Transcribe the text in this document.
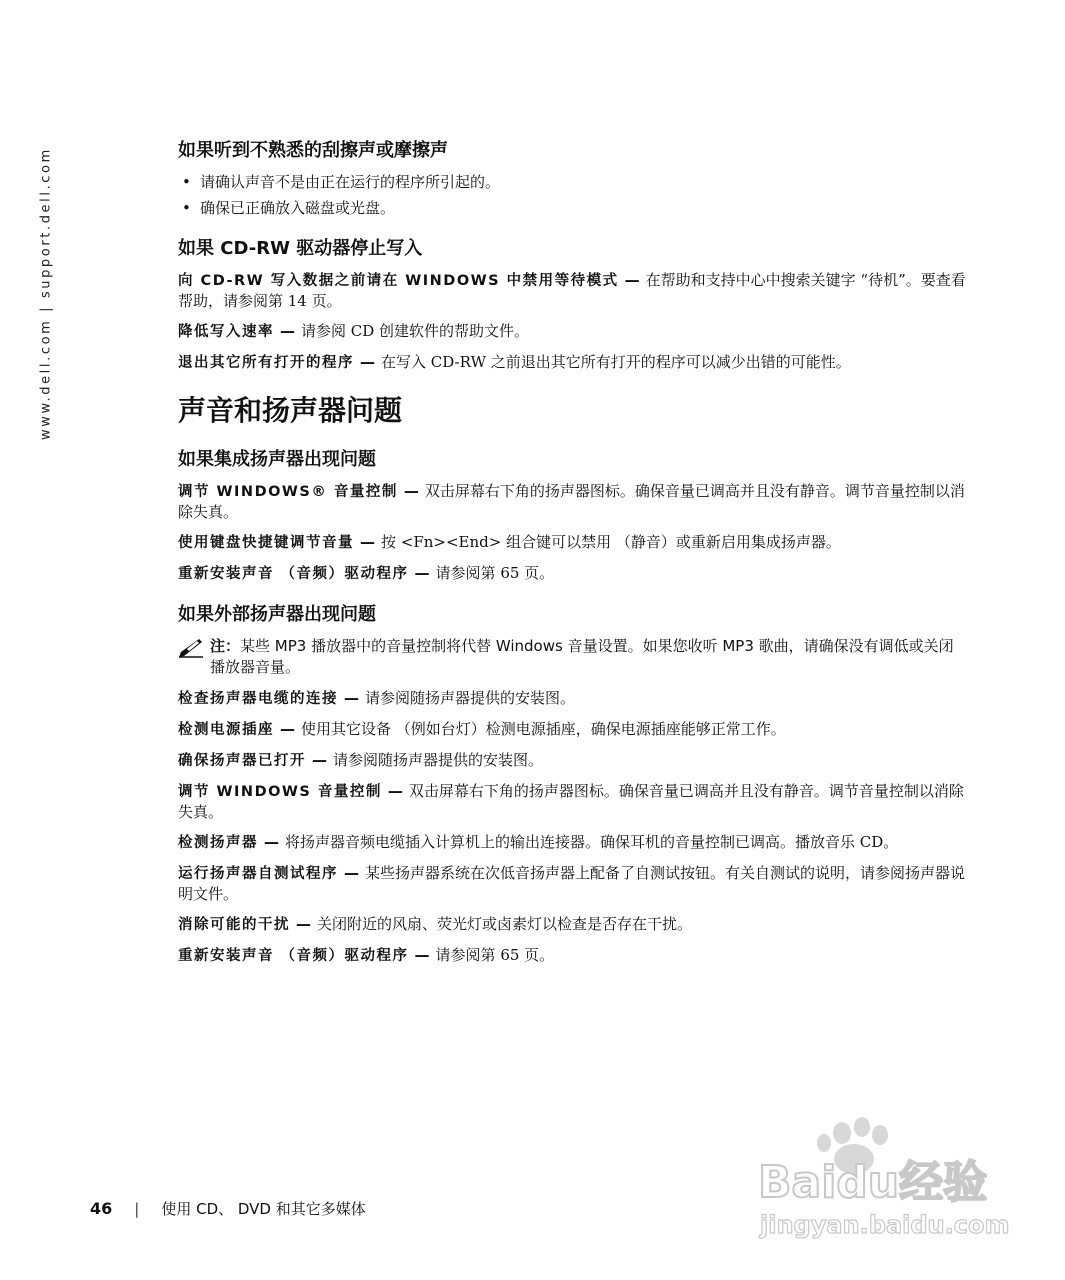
www.dell.com | support.dell.com	如果听到不熟悉的刮擦声或摩擦声
• 请确认声音不是由正在运行的程序所引起的。
• 确保已正确放入磁盘或光盘。
如果 CD-RW 驱动器停止写入

向 CD-RW 写入数据之前请在 WINDOWS 中禁用等待模式 — 在帮助和支持中心中搜索关键字 “待机”。要查看帮助，请参阅第 14 页。

降低写入速率 — 请参阅 CD 创建软件的帮助文件。

退出其它所有打开的程序 — 在写入 CD-RW 之前退出其它所有打开的程序可以减少出错的可能性。

声音和扬声器问题
如果集成扬声器出现问题

调节 WINDOWS® 音量控制 — 双击屏幕右下角的扬声器图标。确保音量已调高并且没有静音。调节音量控制以消除失真。

使用键盘快捷键调节音量 — 按 <Fn><End> 组合键可以禁用 （静音）或重新启用集成扬声器。

重新安装声音 （音频）驱动程序 — 请参阅第 65 页。

如果外部扬声器出现问题
注：某些 MP3 播放器中的音量控制将代替 Windows 音量设置。如果您收听 MP3 歌曲，请确保没有调低或关闭播放器音量。

检查扬声器电缆的连接 — 请参阅随扬声器提供的安装图。

检测电源插座 — 使用其它设备 （例如台灯）检测电源插座，确保电源插座能够正常工作。

确保扬声器已打开 — 请参阅随扬声器提供的安装图。

调节 WINDOWS 音量控制 — 双击屏幕右下角的扬声器图标。确保音量已调高并且没有静音。调节音量控制以消除失真。

检测扬声器 — 将扬声器音频电缆插入计算机上的输出连接器。确保耳机的音量控制已调高。播放音乐 CD。

运行扬声器自测试程序 — 某些扬声器系统在次低音扬声器上配备了自测试按钮。有关自测试的说明，请参阅扬声器说明文件。

消除可能的干扰 — 关闭附近的风扇、荧光灯或卤素灯以检查是否存在干扰。

重新安装声音 （音频）驱动程序 — 请参阅第 65 页。

46 | 使用 CD、 DVD 和其它多媒体
Baidu经验
jingyan.baidu.com
